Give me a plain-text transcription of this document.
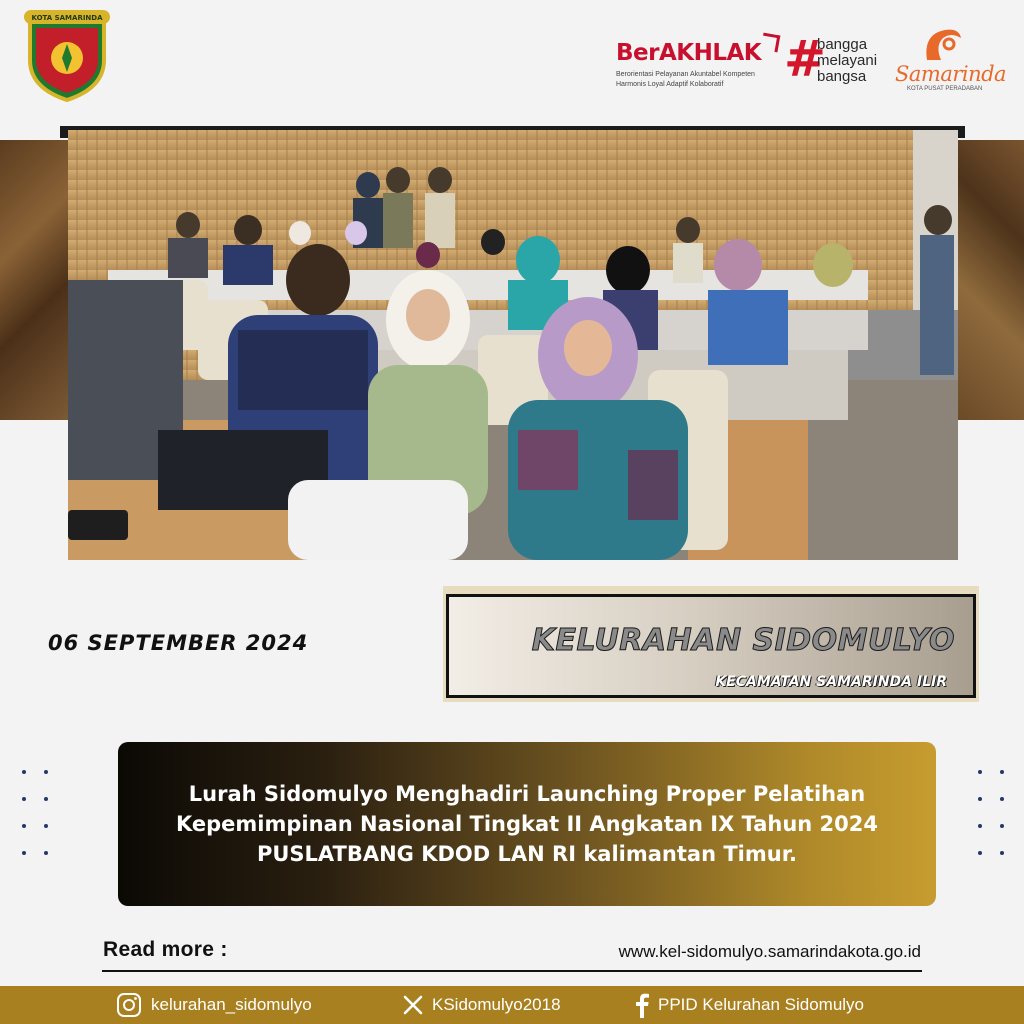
KOTA SAMARINDA
BerAKHLAK
Berorientasi Pelayanan Akuntabel Kompeten
Harmonis Loyal Adaptif Kolaboratif #
bangga
melayani
bangsa Samarinda
KOTA PUSAT PERADABAN
06 SEPTEMBER 2024	KELURAHAN SIDOMULYO
KECAMATAN SAMARINDA ILIR
Lurah Sidomulyo Menghadiri Launching Proper Pelatihan
Kepemimpinan Nasional Tingkat II Angkatan IX Tahun 2024
PUSLATBANG KDOD LAN RI kalimantan Timur.
Read more :	www.kel-sidomulyo.samarindakota.go.id
kelurahan_sidomulyo	KSidomulyo2018	PPID Kelurahan Sidomulyo
